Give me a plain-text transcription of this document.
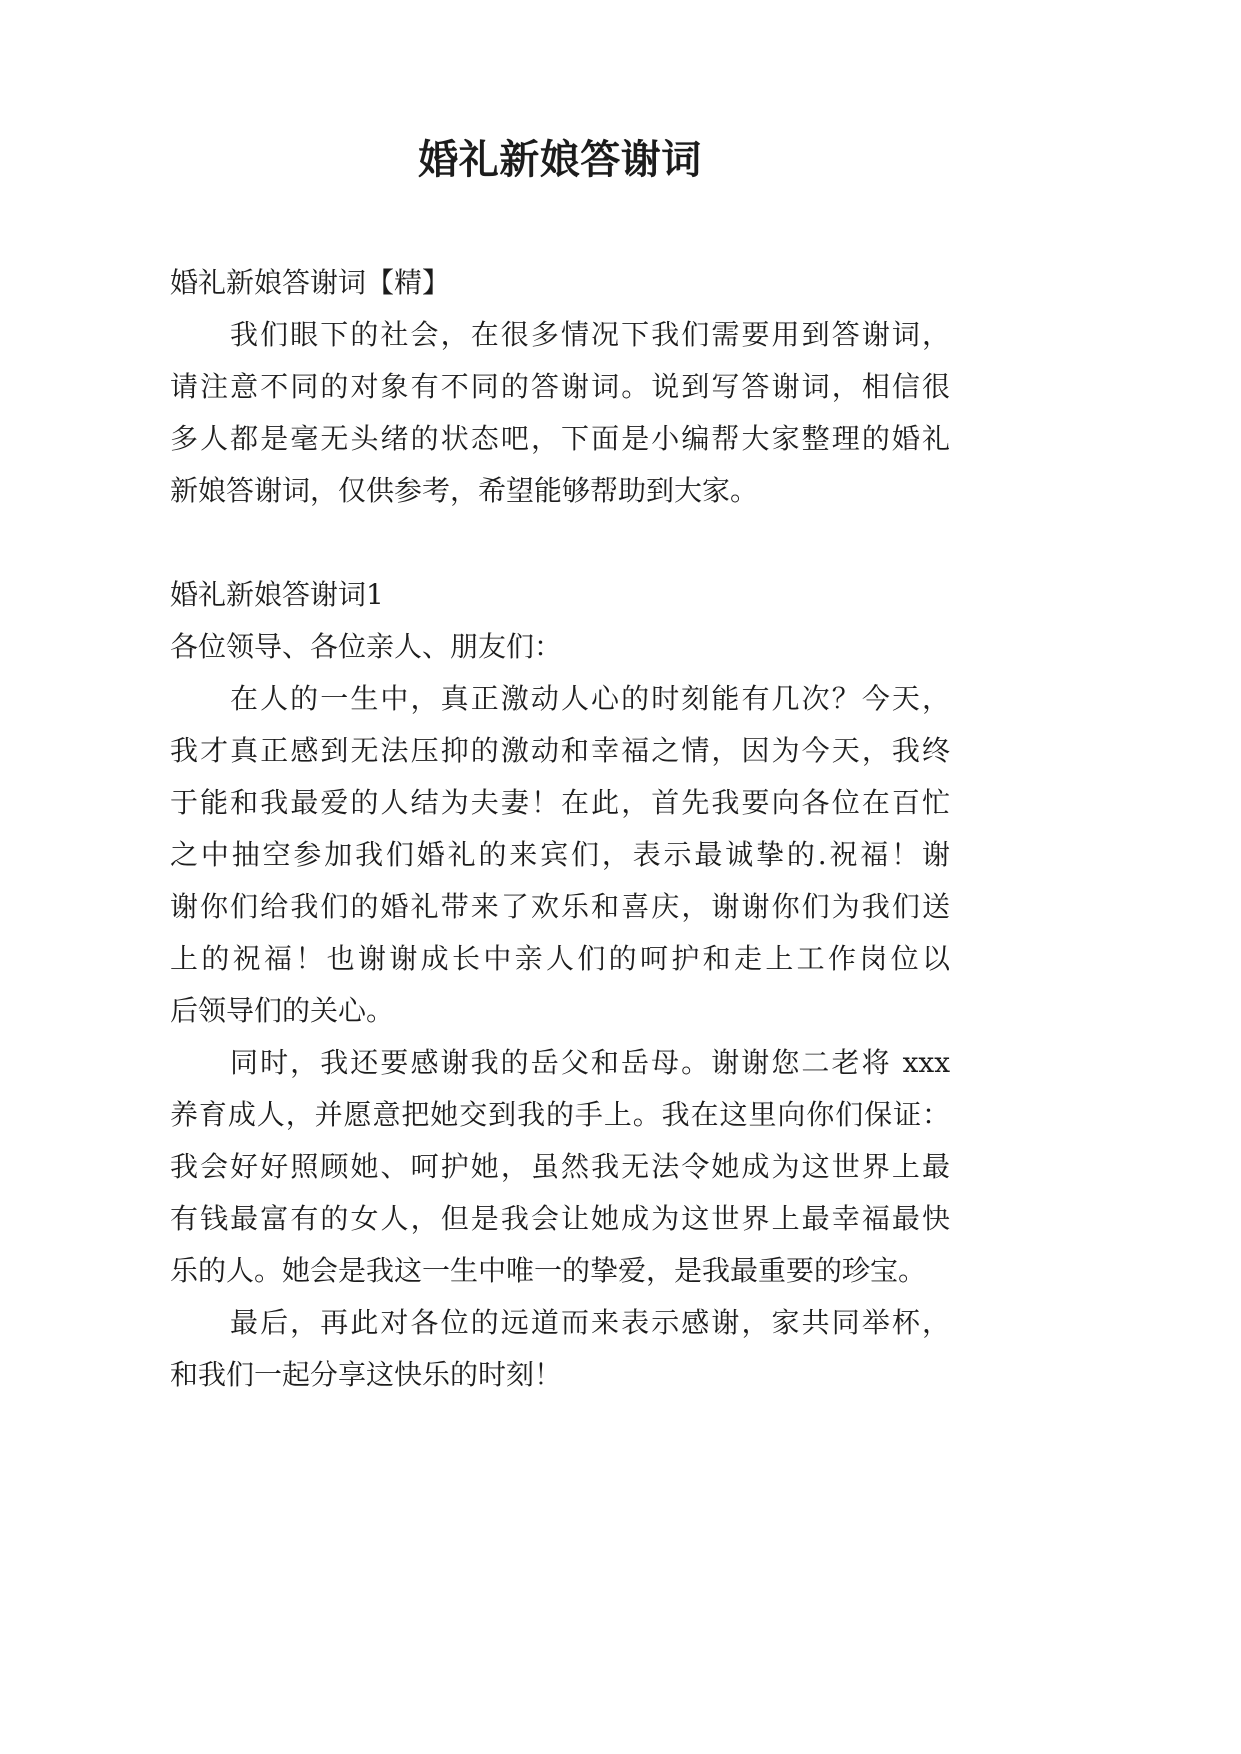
婚礼新娘答谢词
婚礼新娘答谢词【精】
我们眼下的社会，在很多情况下我们需要用到答谢词，
请注意不同的对象有不同的答谢词。说到写答谢词，相信很
多人都是毫无头绪的状态吧，下面是小编帮大家整理的婚礼
新娘答谢词，仅供参考，希望能够帮助到大家。
婚礼新娘答谢词1
各位领导、各位亲人、朋友们：
在人的一生中，真正激动人心的时刻能有几次？今天，
我才真正感到无法压抑的激动和幸福之情，因为今天，我终
于能和我最爱的人结为夫妻！在此，首先我要向各位在百忙
之中抽空参加我们婚礼的来宾们，表示最诚挚的.祝福！谢
谢你们给我们的婚礼带来了欢乐和喜庆，谢谢你们为我们送
上的祝福！也谢谢成长中亲人们的呵护和走上工作岗位以
后领导们的关心。
同时，我还要感谢我的岳父和岳母。谢谢您二老将 xxx
养育成人，并愿意把她交到我的手上。我在这里向你们保证：
我会好好照顾她、呵护她，虽然我无法令她成为这世界上最
有钱最富有的女人，但是我会让她成为这世界上最幸福最快
乐的人。她会是我这一生中唯一的挚爱，是我最重要的珍宝。
最后，再此对各位的远道而来表示感谢，家共同举杯，
和我们一起分享这快乐的时刻！
